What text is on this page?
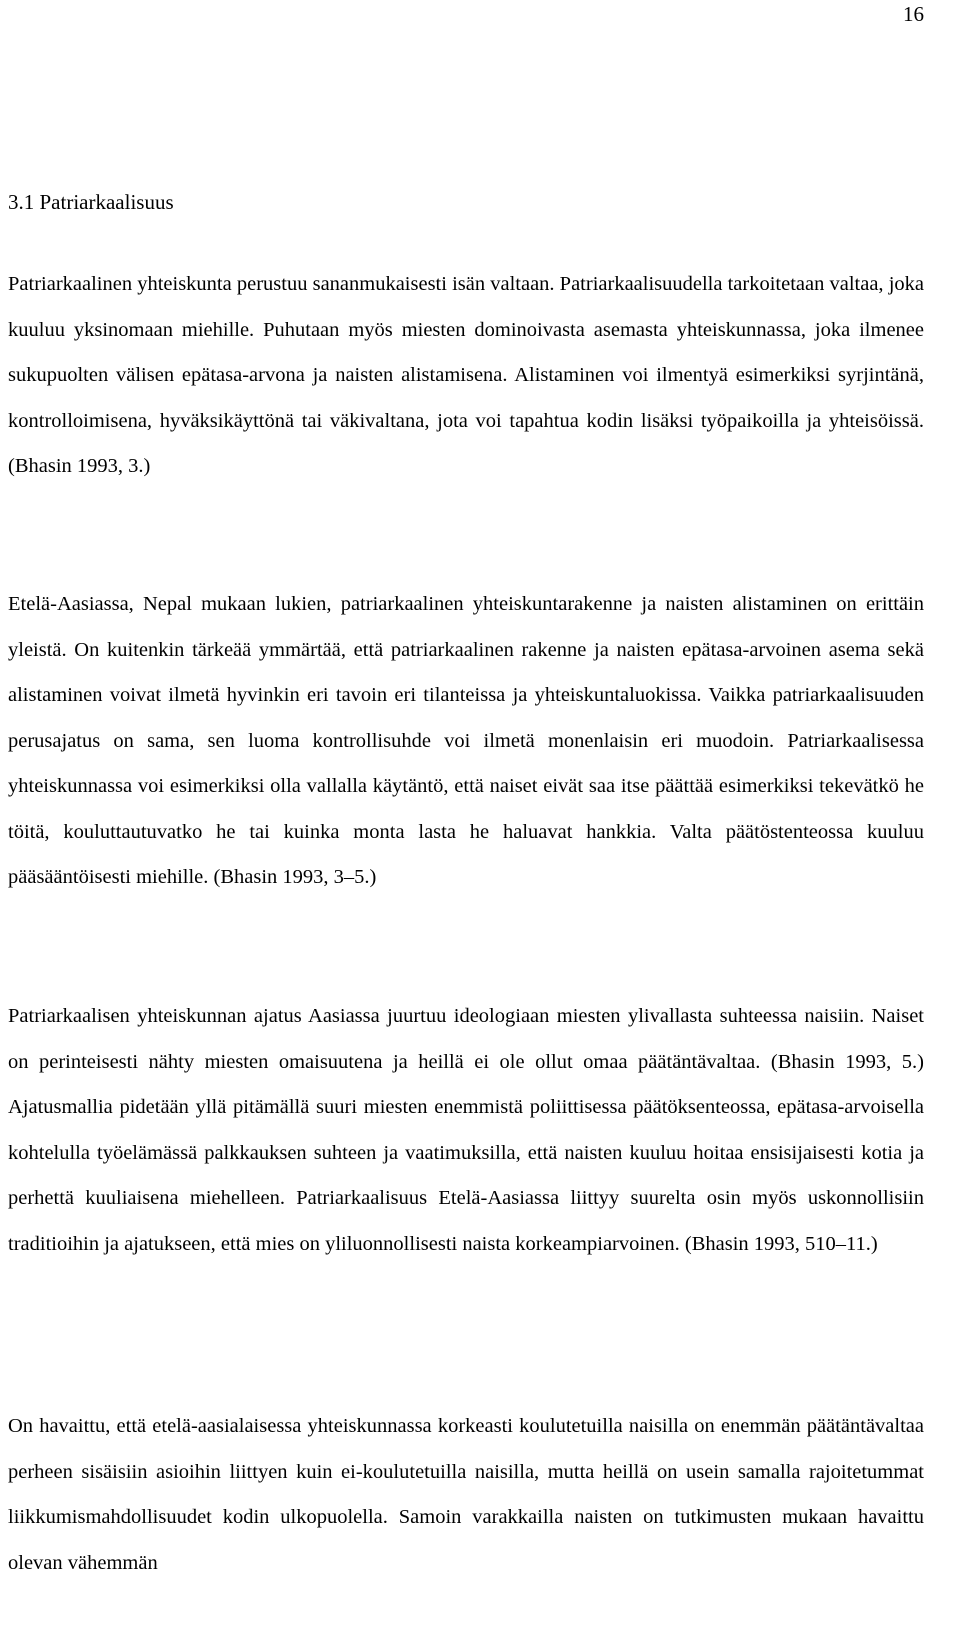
16
3.1 Patriarkaalisuus

Patriarkaalinen yhteiskunta perustuu sananmukaisesti isän valtaan. Patriarkaalisuudella tarkoitetaan valtaa, joka kuuluu yksinomaan miehille. Puhutaan myös miesten dominoivasta asemasta yhteiskunnassa, joka ilmenee sukupuolten välisen epätasa-arvona ja naisten alistamisena. Alistaminen voi ilmentyä esimerkiksi syrjintänä, kontrolloimisena, hyväksikäyttönä tai väkivaltana, jota voi tapahtua kodin lisäksi työpaikoilla ja yhteisöissä. (Bhasin 1993, 3.)

Etelä-Aasiassa, Nepal mukaan lukien, patriarkaalinen yhteiskuntarakenne ja naisten alistaminen on erittäin yleistä. On kuitenkin tärkeää ymmärtää, että patriarkaalinen rakenne ja naisten epätasa-arvoinen asema sekä alistaminen voivat ilmetä hyvinkin eri tavoin eri tilanteissa ja yhteiskuntaluokissa. Vaikka patriarkaalisuuden perusajatus on sama, sen luoma kontrollisuhde voi ilmetä monenlaisin eri muodoin. Patriarkaalisessa yhteiskunnassa voi esimerkiksi olla vallalla käytäntö, että naiset eivät saa itse päättää esimerkiksi tekevätkö he töitä, kouluttautuvatko he tai kuinka monta lasta he haluavat hankkia. Valta päätöstenteossa kuuluu pääsääntöisesti miehille. (Bhasin 1993, 3–5.)

Patriarkaalisen yhteiskunnan ajatus Aasiassa juurtuu ideologiaan miesten ylivallasta suhteessa naisiin. Naiset on perinteisesti nähty miesten omaisuutena ja heillä ei ole ollut omaa päätäntävaltaa. (Bhasin 1993, 5.) Ajatusmallia pidetään yllä pitämällä suuri miesten enemmistä poliittisessa päätöksenteossa, epätasa-arvoisella kohtelulla työelämässä palkkauksen suhteen ja vaatimuksilla, että naisten kuuluu hoitaa ensisijaisesti kotia ja perhettä kuuliaisena miehelleen. Patriarkaalisuus Etelä-Aasiassa liittyy suurelta osin myös uskonnollisiin traditioihin ja ajatukseen, että mies on yliluonnollisesti naista korkeampiarvoinen. (Bhasin 1993, 510–11.)

On havaittu, että etelä-aasialaisessa yhteiskunnassa korkeasti koulutetuilla naisilla on enemmän päätäntävaltaa perheen sisäisiin asioihin liittyen kuin ei-koulutetuilla naisilla, mutta heillä on usein samalla rajoitetummat liikkumismahdollisuudet kodin ulkopuolella. Samoin varakkailla naisten on tutkimusten mukaan havaittu olevan vähemmän
